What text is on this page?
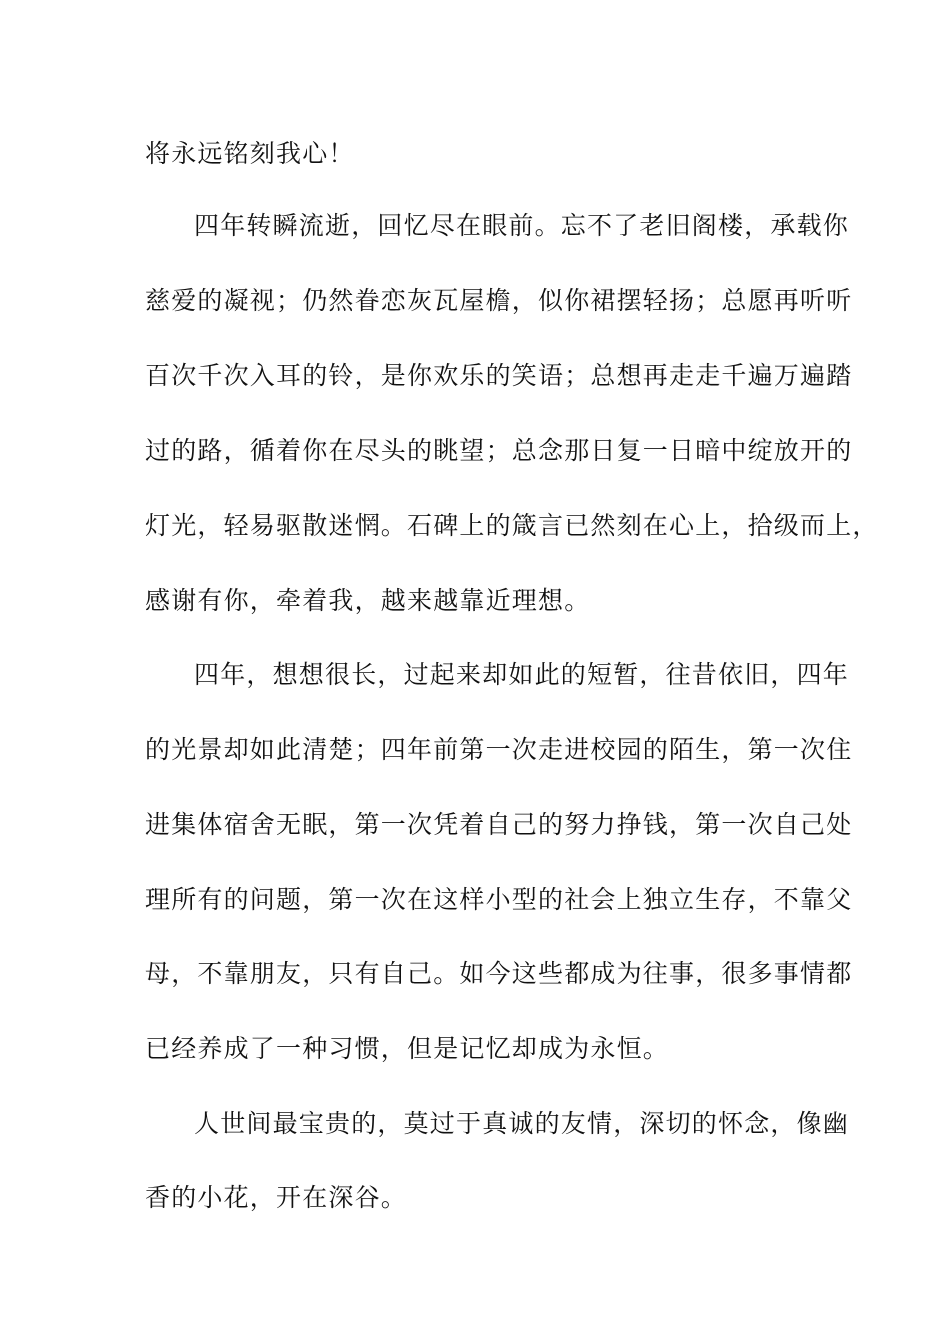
将永远铭刻我心！
四年转瞬流逝，回忆尽在眼前。忘不了老旧阁楼，承载你
慈爱的凝视；仍然眷恋灰瓦屋檐，似你裙摆轻扬；总愿再听听
百次千次入耳的铃，是你欢乐的笑语；总想再走走千遍万遍踏
过的路，循着你在尽头的眺望；总念那日复一日暗中绽放开的
灯光，轻易驱散迷惘。石碑上的箴言已然刻在心上，拾级而上，
感谢有你，牵着我，越来越靠近理想。
四年，想想很长，过起来却如此的短暂，往昔依旧，四年
的光景却如此清楚；四年前第一次走进校园的陌生，第一次住
进集体宿舍无眠，第一次凭着自己的努力挣钱，第一次自己处
理所有的问题，第一次在这样小型的社会上独立生存，不靠父
母，不靠朋友，只有自己。如今这些都成为往事，很多事情都
已经养成了一种习惯，但是记忆却成为永恒。
人世间最宝贵的，莫过于真诚的友情，深切的怀念，像幽
香的小花，开在深谷。
